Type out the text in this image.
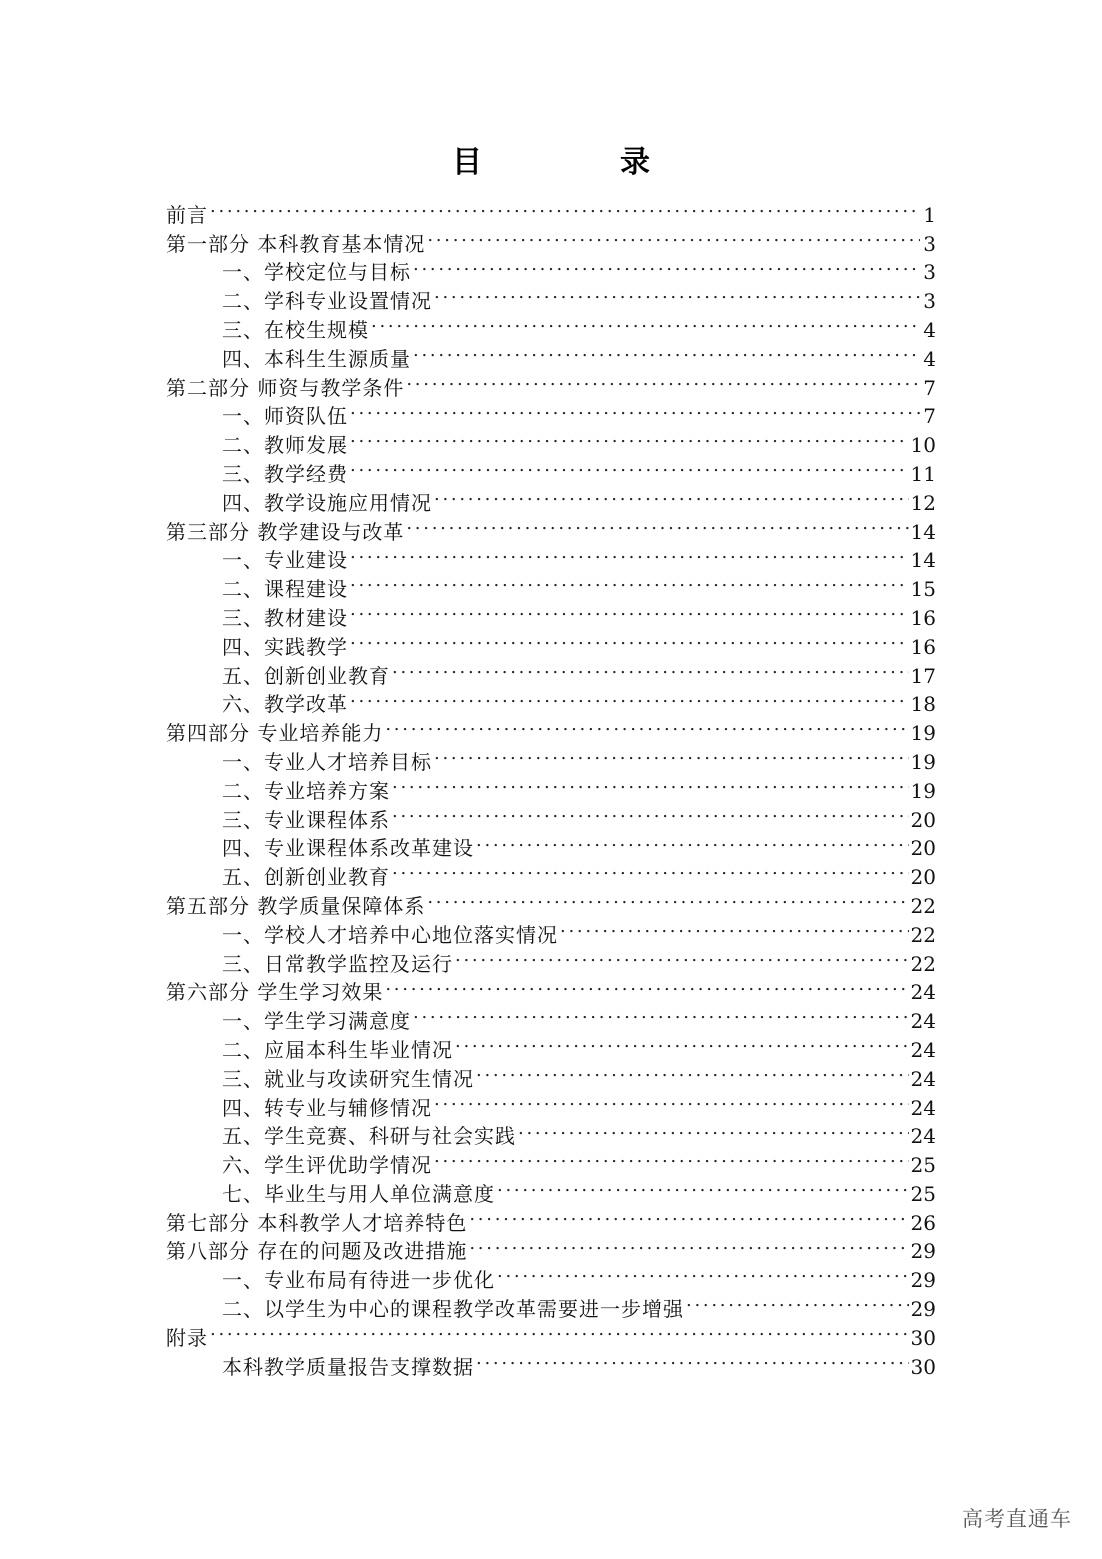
目　录
前言 . . .	1
第一部分 本科教育基本情况 . . .	3
一、学校定位与目标 . . .	3
二、学科专业设置情况 . . .	3
三、在校生规模 . . .	4
四、本科生生源质量 . . .	4
第二部分 师资与教学条件 . . .	7
一、师资队伍 . . .	7
二、教师发展 . . .	10
三、教学经费 . . .	11
四、教学设施应用情况 . . .	12
第三部分 教学建设与改革 . . .	14
一、专业建设 . . .	14
二、课程建设 . . .	15
三、教材建设 . . .	16
四、实践教学 . . .	16
五、创新创业教育 . . .	17
六、教学改革 . . .	18
第四部分 专业培养能力 . . .	19
一、专业人才培养目标 . . .	19
二、专业培养方案 . . .	19
三、专业课程体系 . . .	20
四、专业课程体系改革建设 . . .	20
五、创新创业教育 . . .	20
第五部分 教学质量保障体系 . . .	22
一、学校人才培养中心地位落实情况 . . .	22
三、日常教学监控及运行 . . .	22
第六部分 学生学习效果 . . .	24
一、学生学习满意度 . . .	24
二、应届本科生毕业情况 . . .	24
三、就业与攻读研究生情况 . . .	24
四、转专业与辅修情况 . . .	24
五、学生竞赛、科研与社会实践 . . .	24
六、学生评优助学情况 . . .	25
七、毕业生与用人单位满意度 . . .	25
第七部分 本科教学人才培养特色 . . .	26
第八部分 存在的问题及改进措施 . . .	29
一、专业布局有待进一步优化 . . .	29
二、以学生为中心的课程教学改革需要进一步增强 . . .	29
附录 . . .	30
本科教学质量报告支撑数据 . . .	30
高考直通车
